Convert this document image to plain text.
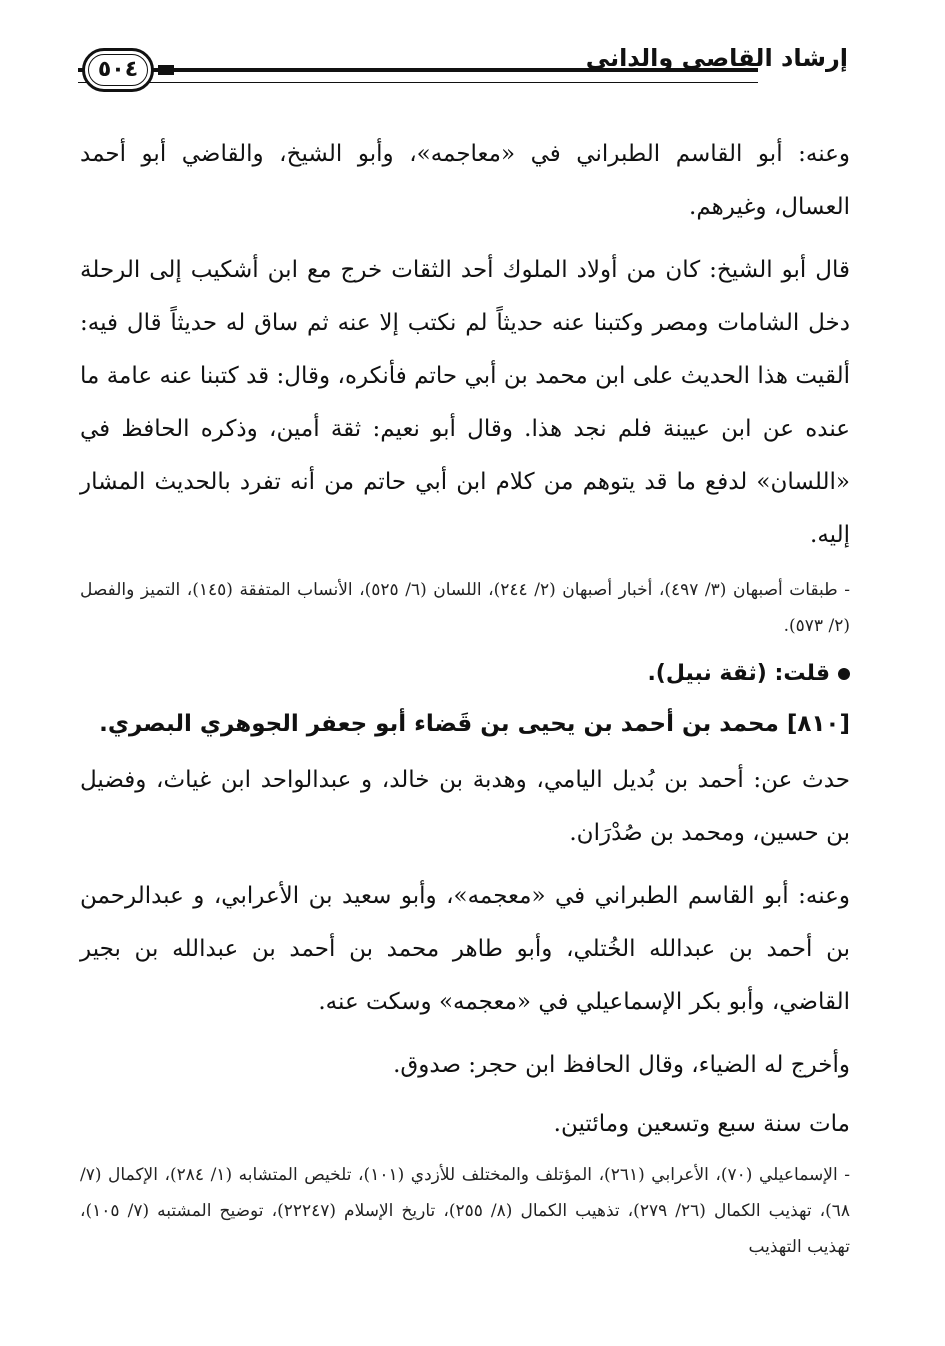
إرشاد القاصي والداني
٥٠٤

وعنه: أبو القاسم الطبراني في «معاجمه»، وأبو الشيخ، والقاضي أبو أحمد العسال، وغيرهم.

قال أبو الشيخ: كان من أولاد الملوك أحد الثقات خرج مع ابن أشكيب إلى الرحلة دخل الشامات ومصر وكتبنا عنه حديثاً لم نكتب إلا عنه ثم ساق له حديثاً قال فيه: ألقيت هذا الحديث على ابن محمد بن أبي حاتم فأنكره، وقال: قد كتبنا عنه عامة ما عنده عن ابن عيينة فلم نجد هذا. وقال أبو نعيم: ثقة أمين، وذكره الحافظ في «اللسان» لدفع ما قد يتوهم من كلام ابن أبي حاتم من أنه تفرد بالحديث المشار إليه.

- طبقات أصبهان (٣/ ٤٩٧)، أخبار أصبهان (٢/ ٢٤٤)، اللسان (٦/ ٥٢٥)، الأنساب المتفقة (١٤٥)، التميز والفصل (٢/ ٥٧٣).

قلت: (ثقة نبيل).

[٨١٠] محمد بن أحمد بن يحيى بن قَضاء أبو جعفر الجوهري البصري.

حدث عن: أحمد بن بُديل اليامي، وهدبة بن خالد، و عبدالواحد ابن غياث، وفضيل بن حسين، ومحمد بن صُدْرَان.

وعنه: أبو القاسم الطبراني في «معجمه»، وأبو سعيد بن الأعرابي، و عبدالرحمن بن أحمد بن عبدالله الخُتلي، وأبو طاهر محمد بن أحمد بن عبدالله بن بجير القاضي، وأبو بكر الإسماعيلي في «معجمه» وسكت عنه.

وأخرج له الضياء، وقال الحافظ ابن حجر: صدوق.

مات سنة سبع وتسعين ومائتين.

- الإسماعيلي (٧٠)، الأعرابي (٢٦١)، المؤتلف والمختلف للأزدي (١٠١)، تلخيص المتشابه (١/ ٢٨٤)، الإكمال (٧/ ٦٨)، تهذيب الكمال (٢٦/ ٢٧٩)، تذهيب الكمال (٨/ ٢٥٥)، تاريخ الإسلام (٢٢٢٤٧)، توضيح المشتبه (٧/ ١٠٥)، تهذيب التهذيب
